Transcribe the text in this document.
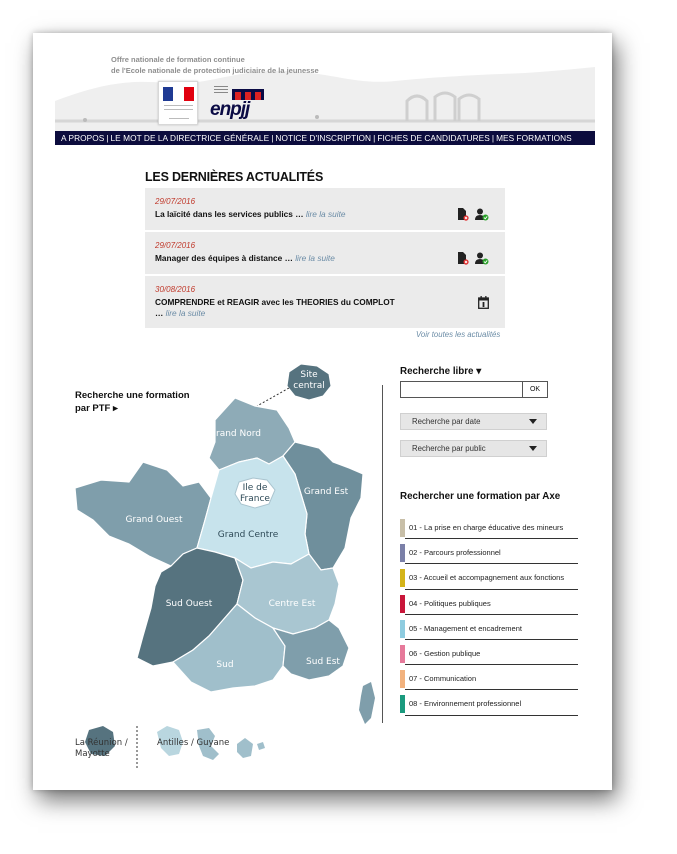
Offre nationale de formation continue
de l'Ecole nationale de protection judiciaire de la jeunesse
enpjj
A PROPOS | LE MOT DE LA DIRECTRICE GÉNÉRALE | NOTICE D'INSCRIPTION | FICHES DE CANDIDATURES | MES FORMATIONS
LES DERNIÈRES ACTUALITÉS
29/07/2016
La laïcité dans les services publics … lire la suite
29/07/2016
Manager des équipes à distance … lire la suite
30/08/2016
COMPRENDRE et REAGIR avec les THEORIES du COMPLOT … lire la suite
Voir toutes les actualités
Recherche une formation par PTF ▸
Site
central
Grand Nord
Ile de
France
Grand Est
Grand Ouest
Grand Centre
Sud Ouest	Centre Est
Sud	Sud Est
La Réunion /
Mayotte
Antilles / Guyane
Recherche libre ▾
OK
Recherche par date
Recherche par public
Rechercher une formation par Axe
01 - La prise en charge éducative des mineurs
02 - Parcours professionnel
03 - Accueil et accompagnement aux fonctions
04 - Politiques publiques
05 - Management et encadrement
06 - Gestion publique
07 - Communication
08 - Environnement professionnel
